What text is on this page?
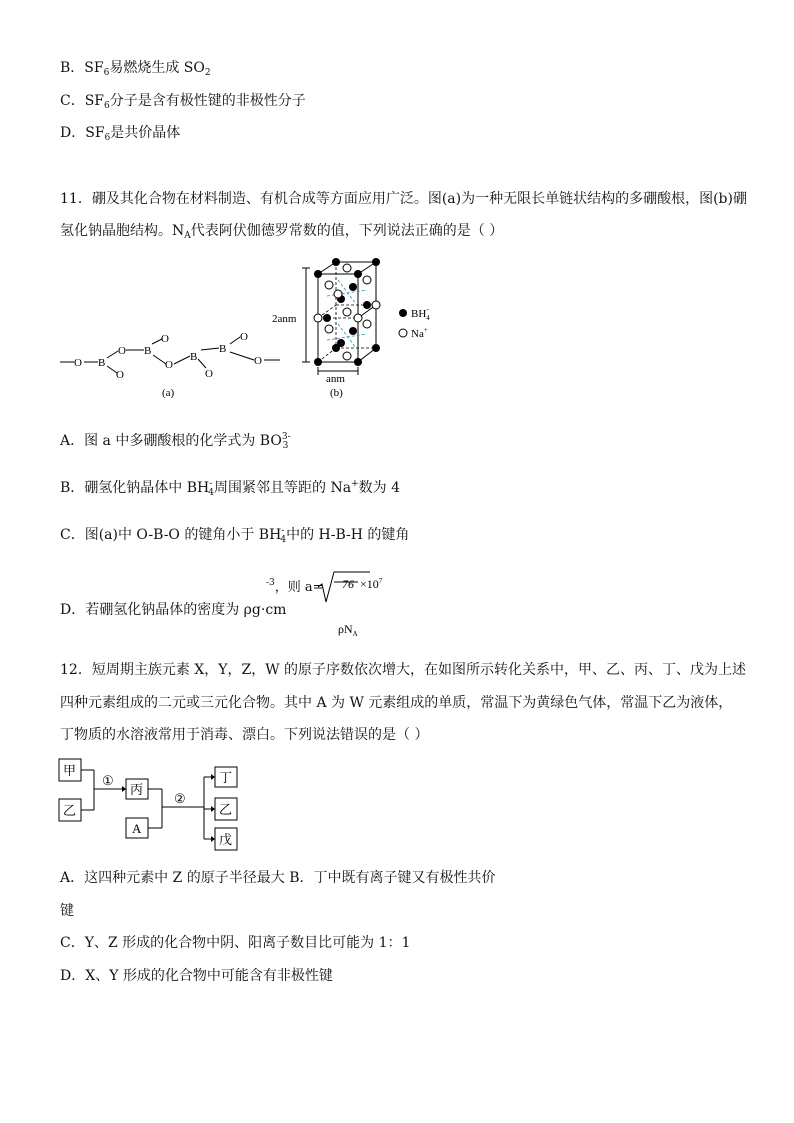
B．$SF_6$易燃烧生成 $SO_2$
C．$SF_6$分子是含有极性键的非极性分子
D．$SF_6$是共价晶体
11．硼及其化合物在材料制造、有机合成等方面应用广泛。图(a)为一种无限长单链状结构的多硼酸根，图(b)硼
氢化钠晶胞结构。$N_A$代表阿伏伽德罗常数的值，下列说法正确的是（ ）
O B
O
O
B
O
O
B
O
B
O
O
(a)
$BH_4-$
Na+
2anm
anm
(b)
A．图 a 中多硼酸根的化学式为 $BO^{3-}_3$
B．硼氢化钠晶体中 $BH^-_4$周围紧邻且等距的 Na+数为 4
C．图(a)中 O-B-O 的键角小于 $BH^-_4$中的 H-B-H 的键角
D．若硼氢化钠晶体的密度为 ρg·cm
$^{-3}$，则 $a= 76 \times 10^7$
$\rho N_A$
12．短周期主族元素 X，Y，Z，W 的原子序数依次增大，在如图所示转化关系中，甲、乙、丙、丁、戊为上述
四种元素组成的二元或三元化合物。其中 A 为 W 元素组成的单质，常温下为黄绿色气体，常温下乙为液体，
丁物质的水溶液常用于消毒、漂白。下列说法错误的是（ ）
甲
乙
丙
A
丁
乙
戊
①
②
A．这四种元素中 Z 的原子半径最大 B．丁中既有离子键又有极性共价
键
C．Y、Z 形成的化合物中阴、阳离子数目比可能为 1：1
D．X、Y 形成的化合物中可能含有非极性键
